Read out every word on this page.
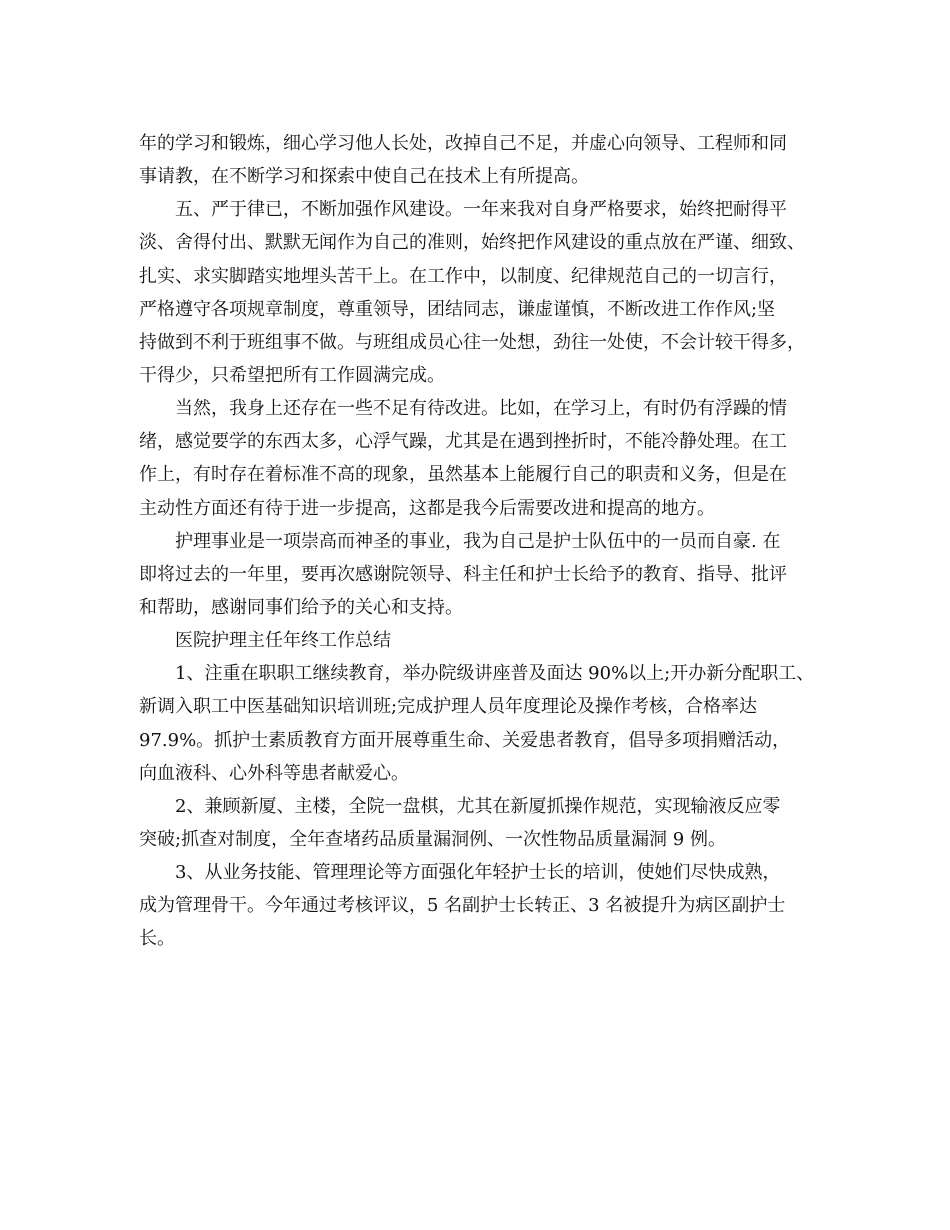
年的学习和锻炼，细心学习他人长处，改掉自己不足，并虚心向领导、工程师和同
事请教，在不断学习和探索中使自己在技术上有所提高。
五、严于律已，不断加强作风建设。一年来我对自身严格要求，始终把耐得平
淡、舍得付出、默默无闻作为自己的准则，始终把作风建设的重点放在严谨、细致、
扎实、求实脚踏实地埋头苦干上。在工作中，以制度、纪律规范自己的一切言行，
严格遵守各项规章制度，尊重领导，团结同志，谦虚谨慎，不断改进工作作风;坚
持做到不利于班组事不做。与班组成员心往一处想，劲往一处使，不会计较干得多，
干得少，只希望把所有工作圆满完成。
当然，我身上还存在一些不足有待改进。比如，在学习上，有时仍有浮躁的情
绪，感觉要学的东西太多，心浮气躁，尤其是在遇到挫折时，不能冷静处理。在工
作上，有时存在着标准不高的现象，虽然基本上能履行自己的职责和义务，但是在
主动性方面还有待于进一步提高，这都是我今后需要改进和提高的地方。
护理事业是一项崇高而神圣的事业，我为自己是护士队伍中的一员而自豪. 在
即将过去的一年里，要再次感谢院领导、科主任和护士长给予的教育、指导、批评
和帮助，感谢同事们给予的关心和支持。
医院护理主任年终工作总结
1、注重在职职工继续教育，举办院级讲座普及面达 90%以上;开办新分配职工、
新调入职工中医基础知识培训班;完成护理人员年度理论及操作考核，合格率达
97.9%。抓护士素质教育方面开展尊重生命、关爱患者教育，倡导多项捐赠活动，
向血液科、心外科等患者献爱心。
2、兼顾新厦、主楼，全院一盘棋，尤其在新厦抓操作规范，实现输液反应零
突破;抓查对制度，全年查堵药品质量漏洞例、一次性物品质量漏洞 9 例。
3、从业务技能、管理理论等方面强化年轻护士长的培训，使她们尽快成熟，
成为管理骨干。今年通过考核评议，5 名副护士长转正、3 名被提升为病区副护士
长。
